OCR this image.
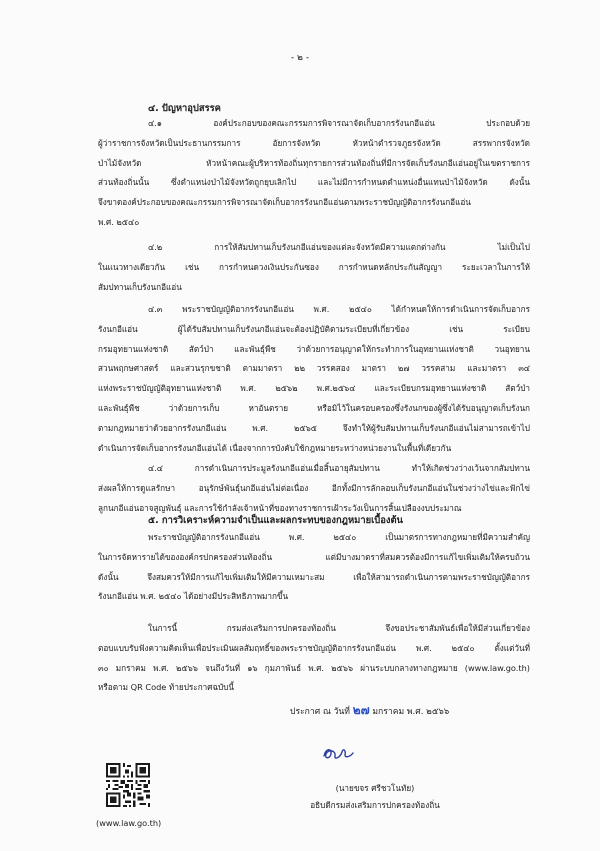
- ๒ -
๔. ปัญหาอุปสรรค
๔.๑ องค์ประกอบของคณะกรรมการพิจารณาจัดเก็บอากรรังนกอีแอ่น ประกอบด้วย
ผู้ว่าราชการจังหวัดเป็นประธานกรรมการ อัยการจังหวัด หัวหน้าตำรวจภูธรจังหวัด สรรพากรจังหวัด
ป่าไม้จังหวัด หัวหน้าคณะผู้บริหารท้องถิ่นทุกรายการส่วนท้องถิ่นที่มีการจัดเก็บรังนกอีแอ่นอยู่ในเขตราชการ
ส่วนท้องถิ่นนั้น ซึ่งตำแหน่งป่าไม้จังหวัดถูกยุบเลิกไป และไม่มีการกำหนดตำแหน่งอื่นแทนป่าไม้จังหวัด ดังนั้น
จึงขาดองค์ประกอบของคณะกรรมการพิจารณาจัดเก็บอากรรังนกอีแอ่นตามพระราชบัญญัติอากรรังนกอีแอ่น
พ.ศ. ๒๕๔๐
๔.๒ การให้สัมปทานเก็บรังนกอีแอ่นของแต่ละจังหวัดมีความแตกต่างกัน ไม่เป็นไป
ในแนวทางเดียวกัน เช่น การกำหนดวงเงินประกันซอง การกำหนดหลักประกันสัญญา ระยะเวลาในการให้
สัมปทานเก็บรังนกอีแอ่น
๔.๓ พระราชบัญญัติอากรรังนกอีแอ่น พ.ศ. ๒๕๔๐ ได้กำหนดให้การดำเนินการจัดเก็บอากร
รังนกอีแอ่น ผู้ได้รับสัมปทานเก็บรังนกอีแอ่นจะต้องปฏิบัติตามระเบียบที่เกี่ยวข้อง เช่น ระเบียบ
กรมอุทยานแห่งชาติ สัตว์ป่า และพันธุ์พืช ว่าด้วยการอนุญาตให้กระทำการในอุทยานแห่งชาติ วนอุทยาน
สวนพฤกษศาสตร์ และสวนรุกขชาติ ตามมาตรา ๒๒ วรรคสอง มาตรา ๒๗ วรรคสาม และมาตรา ๓๔
แห่งพระราชบัญญัติอุทยานแห่งชาติ พ.ศ. ๒๕๖๒ พ.ศ.๒๕๖๔ และระเบียบกรมอุทยานแห่งชาติ สัตว์ป่า
และพันธุ์พืช ว่าด้วยการเก็บ หาอันตราย หรือมิไว้ในครอบครองซึ่งรังนกของผู้ซึ่งได้รับอนุญาตเก็บรังนก
ตามกฎหมายว่าด้วยอากรรังนกอีแอ่น พ.ศ. ๒๕๖๕ จึงทำให้ผู้รับสัมปทานเก็บรังนกอีแอ่นไม่สามารถเข้าไป
ดำเนินการจัดเก็บอากรรังนกอีแอ่นได้ เนื่องจากการบังคับใช้กฎหมายระหว่างหน่วยงานในพื้นที่เดียวกัน
๔.๔ การดำเนินการประมูลรังนกอีแอ่นเมื่อสิ้นอายุสัมปทาน ทำให้เกิดช่วงว่างเว้นจากสัมปทาน
ส่งผลให้การดูแลรักษา อนุรักษ์พันธุ์นกอีแอ่นไม่ต่อเนื่อง อีกทั้งมีการลักลอบเก็บรังนกอีแอ่นในช่วงว่างไข่และฟักไข่
ลูกนกอีแอ่นอาจสูญพันธุ์ และการใช้กำลังเจ้าหน้าที่ของทางราชการเฝ้าระวังเป็นการสิ้นเปลืองงบประมาณ
๕. การวิเคราะห์ความจำเป็นและผลกระทบของกฎหมายเบื้องต้น
พระราชบัญญัติอากรรังนกอีแอ่น พ.ศ. ๒๕๔๐ เป็นมาตรการทางกฎหมายที่มีความสำคัญ
ในการจัดหารายได้ขององค์กรปกครองส่วนท้องถิ่น แต่มีบางมาตราที่สมควรต้องมีการแก้ไขเพิ่มเติมให้ครบถ้วน
ดังนั้น จึงสมควรให้มีการแก้ไขเพิ่มเติมให้มีความเหมาะสม เพื่อให้สามารถดำเนินการตามพระราชบัญญัติอากร
รังนกอีแอ่น พ.ศ. ๒๕๔๐ ได้อย่างมีประสิทธิภาพมากขึ้น
ในการนี้ กรมส่งเสริมการปกครองท้องถิ่น จึงขอประชาสัมพันธ์เพื่อให้มีส่วนเกี่ยวข้อง
ตอบแบบรับฟังความคิดเห็นเพื่อประเมินผลสัมฤทธิ์ของพระราชบัญญัติอากรรังนกอีแอ่น พ.ศ. ๒๕๔๐ ตั้งแต่วันที่
๓๐ มกราคม พ.ศ. ๒๕๖๖ จนถึงวันที่ ๑๖ กุมภาพันธ์ พ.ศ. ๒๕๖๖ ผ่านระบบกลางทางกฎหมาย (www.law.go.th)
หรือตาม QR Code ท้ายประกาศฉบับนี้
ประกาศ ณ วันที่ ๒๗ มกราคม พ.ศ. ๒๕๖๖
(นายขจร ศรีชวโนทัย)
อธิบดีกรมส่งเสริมการปกครองท้องถิ่น
(www.law.go.th)
